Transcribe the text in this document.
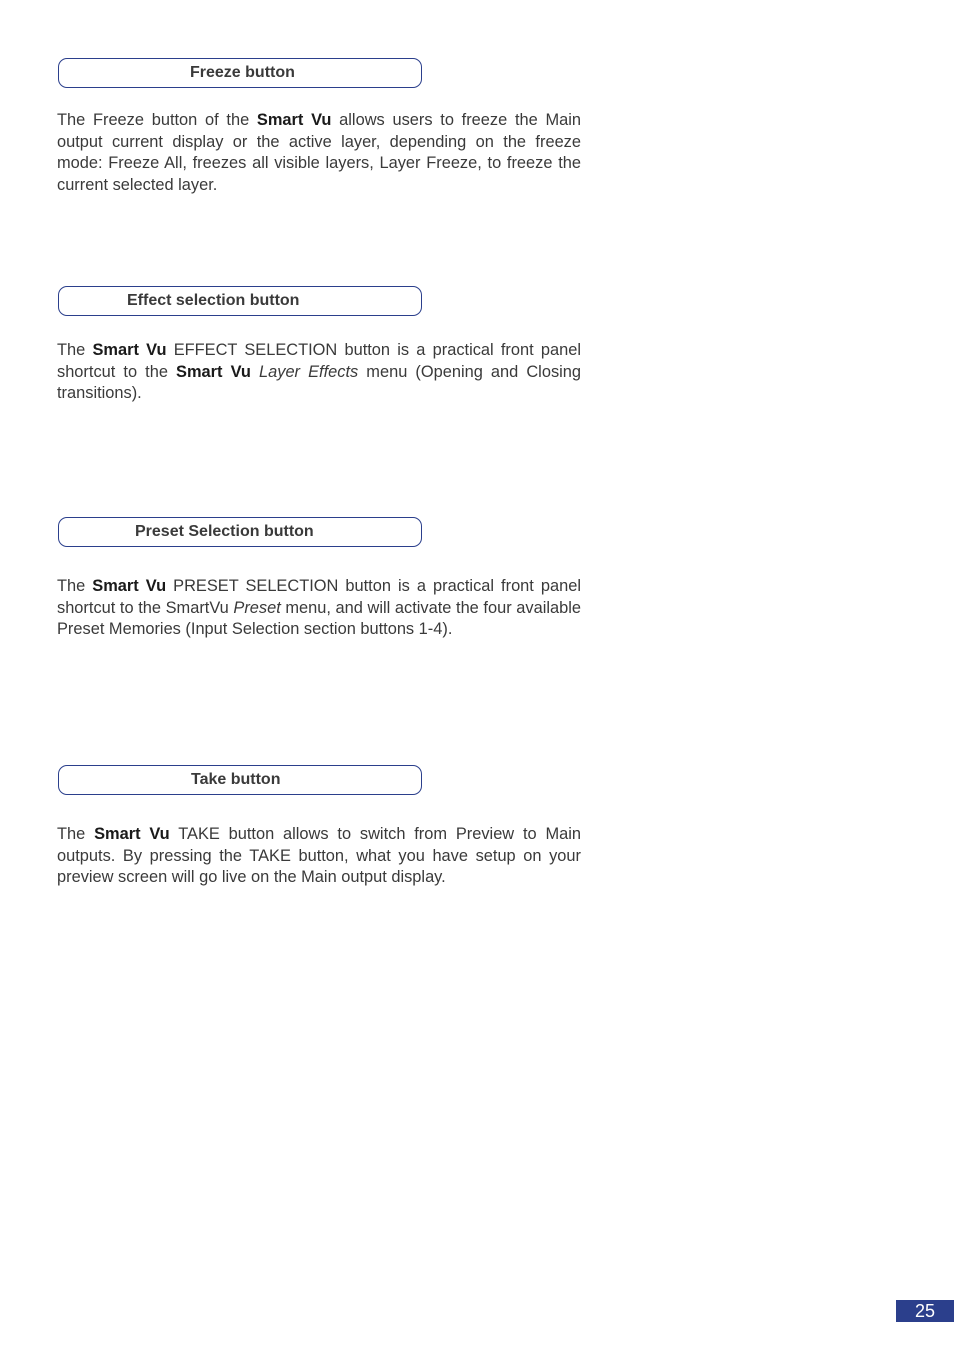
Freeze button

The Freeze button of the Smart Vu allows users to freeze the Main output current display or the active layer, depending on the freeze mode: Freeze All, freezes all visible layers, Layer Freeze, to freeze the current selected layer.

Effect selection button

The Smart Vu EFFECT SELECTION button is a practical front panel shortcut to the Smart Vu Layer Effects menu (Opening and Closing transitions).

Preset Selection button

The Smart Vu PRESET SELECTION button is a practical front panel shortcut to the SmartVu Preset menu, and will activate the four available Preset Memories (Input Selection section buttons 1-4).

Take button

The Smart Vu TAKE button allows to switch from Preview to Main outputs. By pressing the TAKE button, what you have setup on your preview screen will go live on the Main output display.

25
